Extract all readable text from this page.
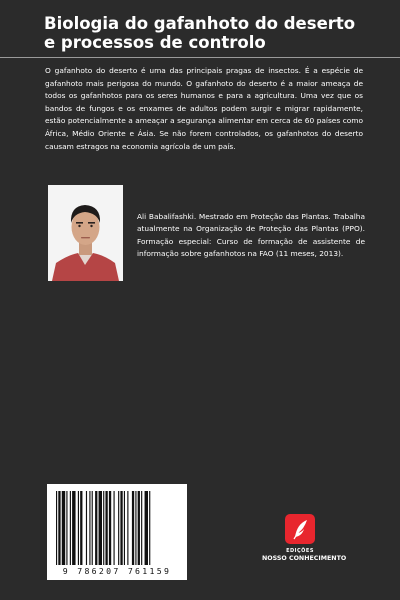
Biologia do gafanhoto do deserto e processos de controlo

O gafanhoto do deserto é uma das principais pragas de insectos. É a espécie de gafanhoto mais perigosa do mundo. O gafanhoto do deserto é a maior ameaça de todos os gafanhotos para os seres humanos e para a agricultura. Uma vez que os bandos de fungos e os enxames de adultos podem surgir e migrar rapidamente, estão potencialmente a ameaçar a segurança alimentar em cerca de 60 países como África, Médio Oriente e Ásia. Se não forem controlados, os gafanhotos do deserto causam estragos na economia agrícola de um país.

Ali Babalifashki. Mestrado em Proteção das Plantas. Trabalha atualmente na Organização de Proteção das Plantas (PPO). Formação especial: Curso de formação de assistente de informação sobre gafanhotos na FAO (11 meses, 2013).

9 786207 761159
EDIÇÕES
NOSSO CONHECIMENTO
